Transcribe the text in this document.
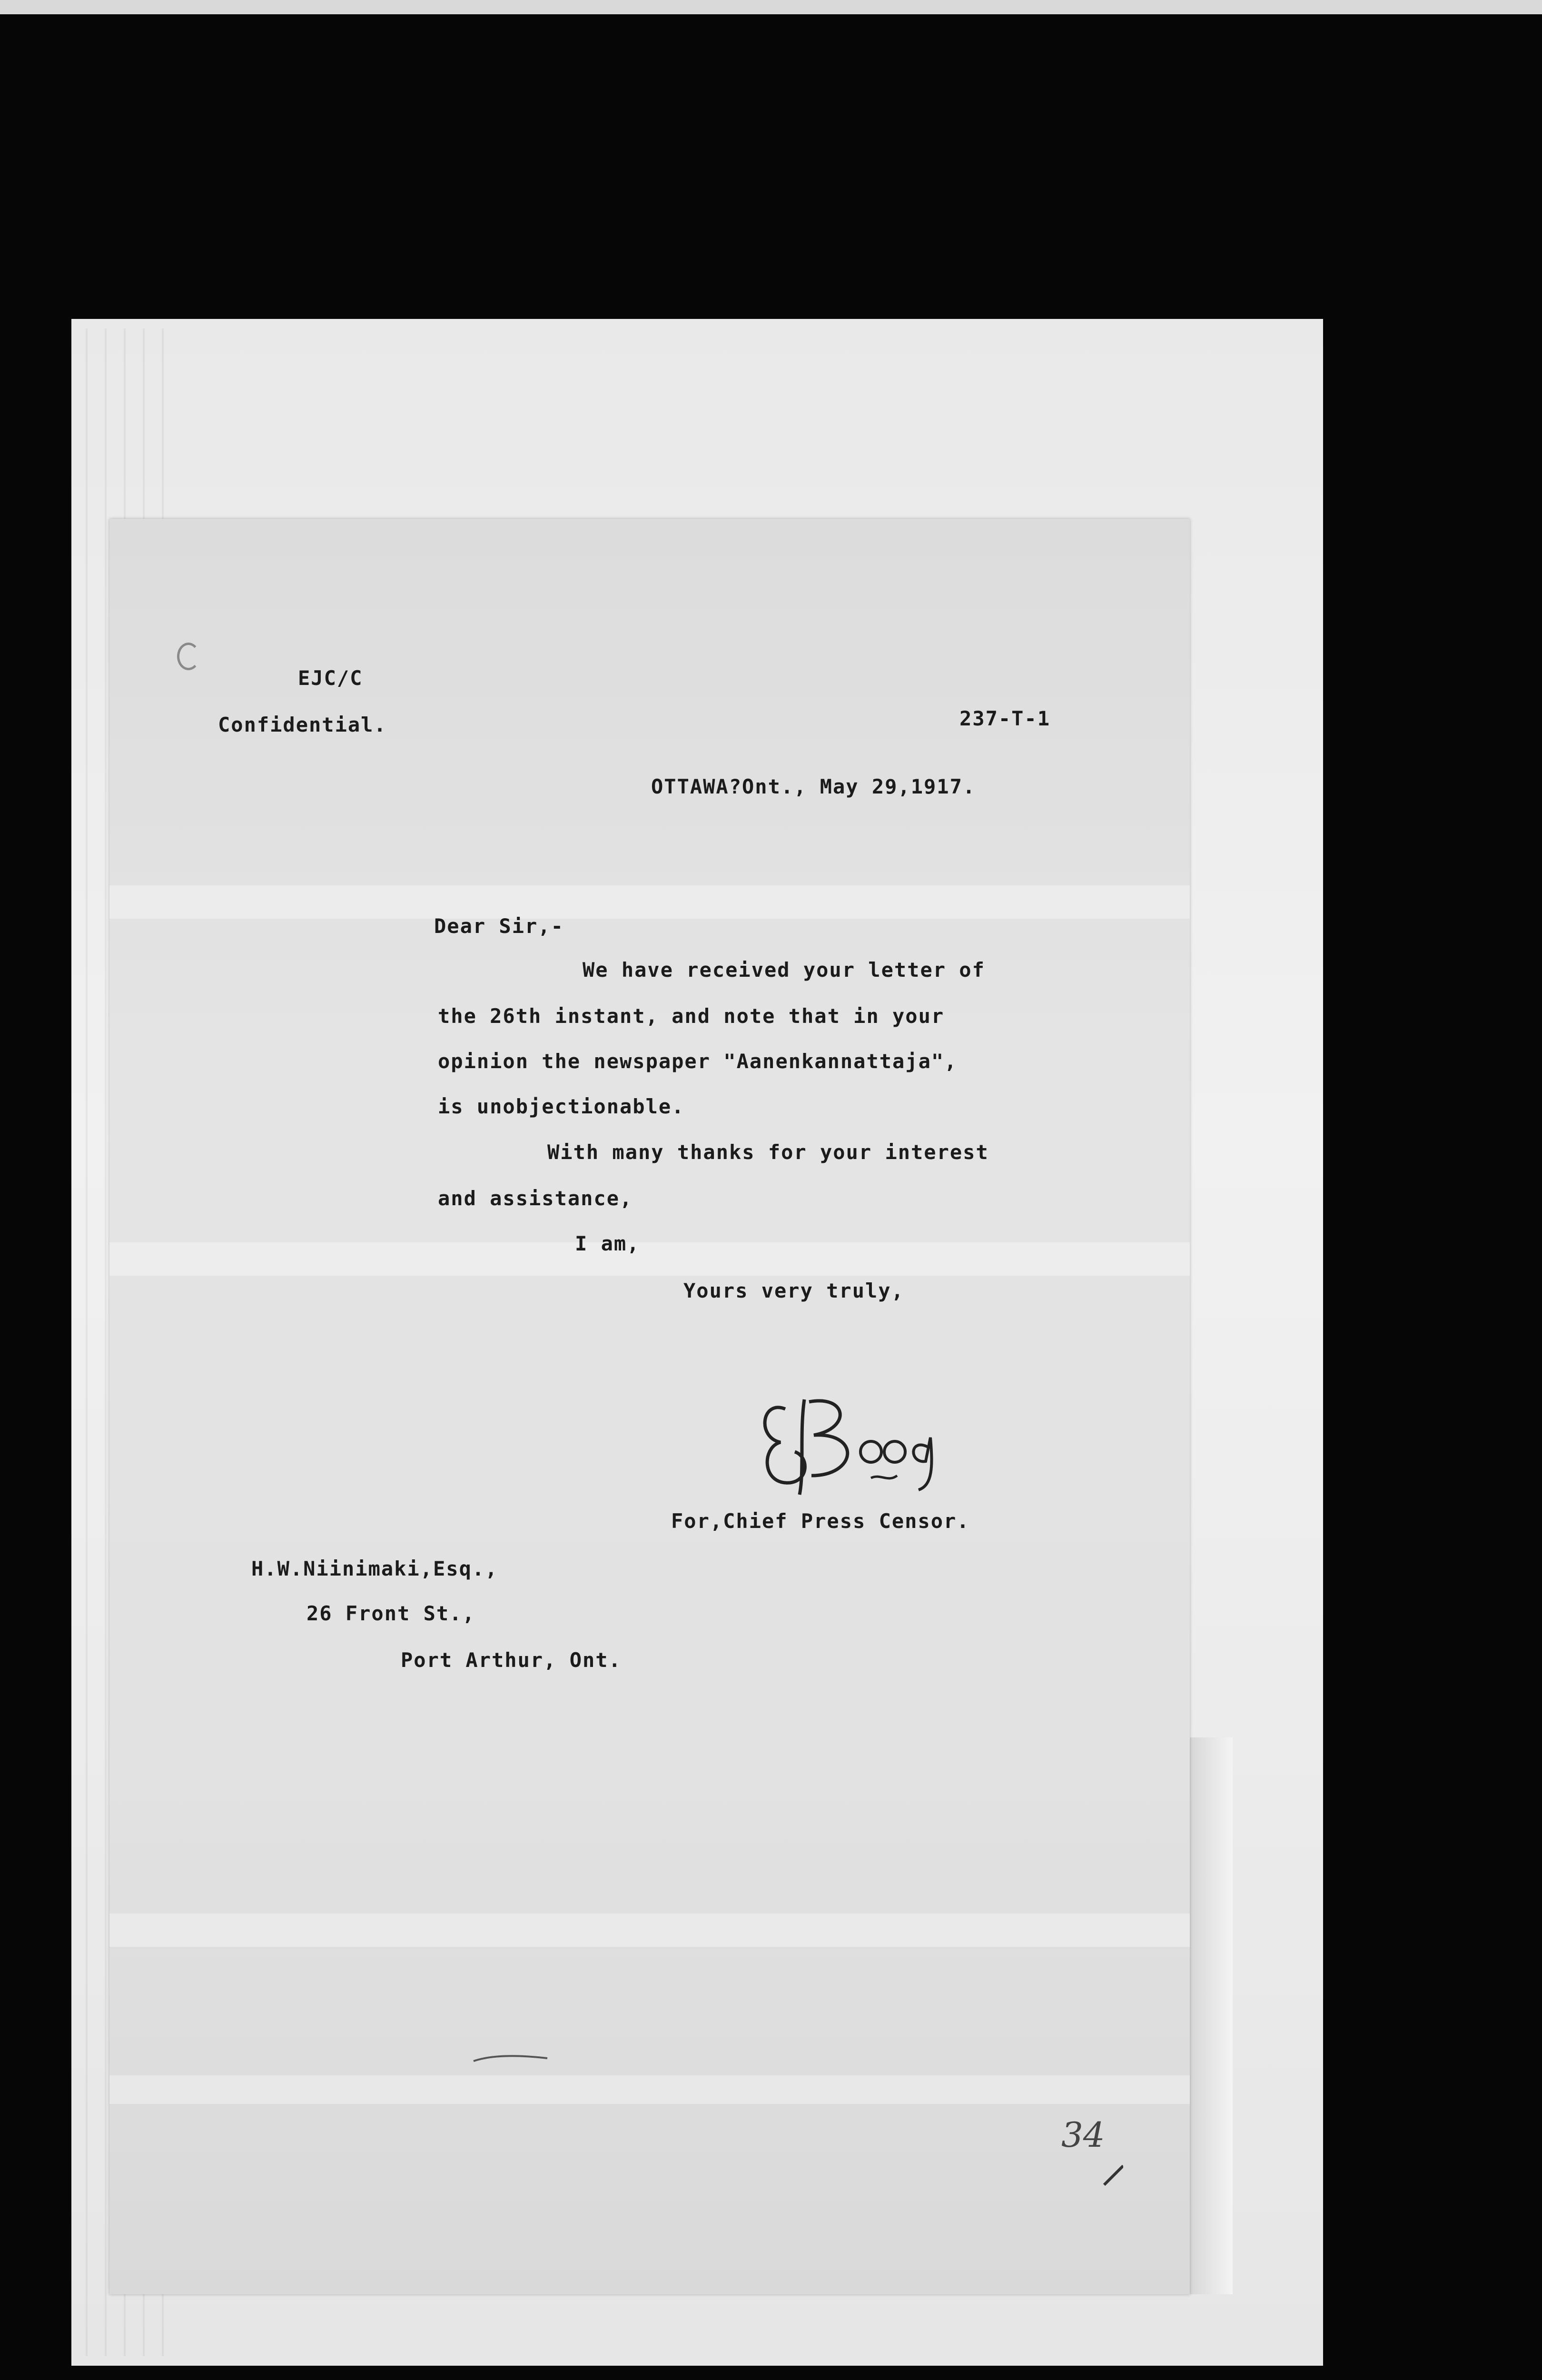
EJC/C

Confidential.	237-T-1

OTTAWA?Ont., May 29,1917.

Dear Sir,-

We have received your letter of

the 26th instant, and note that in your

opinion the newspaper "Aanenkannattaja",

is unobjectionable.

With many thanks for your interest

and assistance,

I am,

Yours very truly,

For,Chief Press Censor.

H.W.Niinimaki,Esq.,

26 Front St.,

Port Arthur, Ont.

34
